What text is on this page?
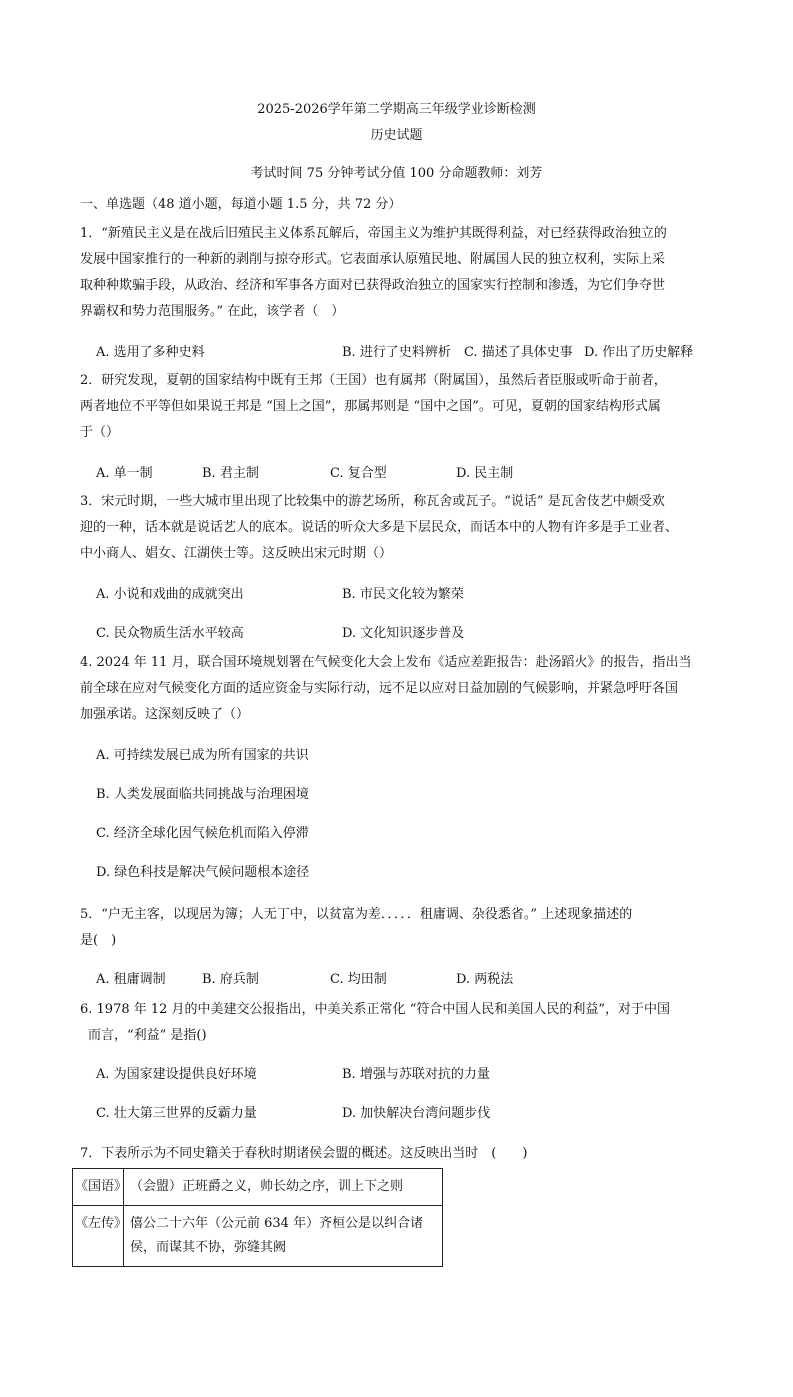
2025-2026学年第二学期高三年级学业诊断检测
历史试题
考试时间 75 分钟考试分值 100 分命题教师：刘芳
一、单选题（48 道小题，每道小题 1.5 分，共 72 分）
1．“新殖民主义是在战后旧殖民主义体系瓦解后，帝国主义为维护其既得利益，对已经获得政治独立的
发展中国家推行的一种新的剥削与掠夺形式。它表面承认原殖民地、附属国人民的独立权利，实际上采
取种种欺骗手段，从政治、经济和军事各方面对已获得政治独立的国家实行控制和渗透，为它们争夺世
界霸权和势力范围服务。” 在此，该学者（　）
A. 选用了多种史料	B. 进行了史料辨析 C. 描述了具体史事 D. 作出了历史解释
2．研究发现，夏朝的国家结构中既有王邦（王国）也有属邦（附属国），虽然后者臣服或听命于前者，
两者地位不平等但如果说王邦是 “国上之国”，那属邦则是 “国中之国”。可见，夏朝的国家结构形式属
于（）
A. 单一制	B. 君主制	C. 复合型	D. 民主制
3．宋元时期，一些大城市里出现了比较集中的游艺场所，称瓦舍或瓦子。“说话” 是瓦舍伎艺中颇受欢
迎的一种，话本就是说话艺人的底本。说话的听众大多是下层民众，而话本中的人物有许多是手工业者、
中小商人、娼女、江湖侠士等。这反映出宋元时期（）
A. 小说和戏曲的成就突出	B. 市民文化较为繁荣
C. 民众物质生活水平较高	D. 文化知识逐步普及
4. 2024 年 11 月，联合国环境规划署在气候变化大会上发布《适应差距报告：赴汤蹈火》的报告，指出当
前全球在应对气候变化方面的适应资金与实际行动，远不足以应对日益加剧的气候影响，并紧急呼吁各国
加强承诺。这深刻反映了（）
A. 可持续发展已成为所有国家的共识
B. 人类发展面临共同挑战与治理困境
C. 经济全球化因气候危机而陷入停滞
D. 绿色科技是解决气候问题根本途径
5．“户无主客，以现居为簿；人无丁中，以贫富为差．．．．．租庸调、杂役悉省。” 上述现象描述的
是(　)
A. 租庸调制	B. 府兵制	C. 均田制	D. 两税法
6. 1978 年 12 月的中美建交公报指出，中美关系正常化 “符合中国人民和美国人民的利益”，对于中国
而言，“利益” 是指()
A. 为国家建设提供良好环境	B. 增强与苏联对抗的力量
C. 壮大第三世界的反霸力量	D. 加快解决台湾问题步伐
7．下表所示为不同史籍关于春秋时期诸侯会盟的概述。这反映出当时　(　　)
《国语》	（会盟）正班爵之义，帅长幼之序，训上下之则
《左传》	僖公二十六年（公元前 634 年）齐桓公是以纠合诸侯，而谋其不协，弥缝其阙
